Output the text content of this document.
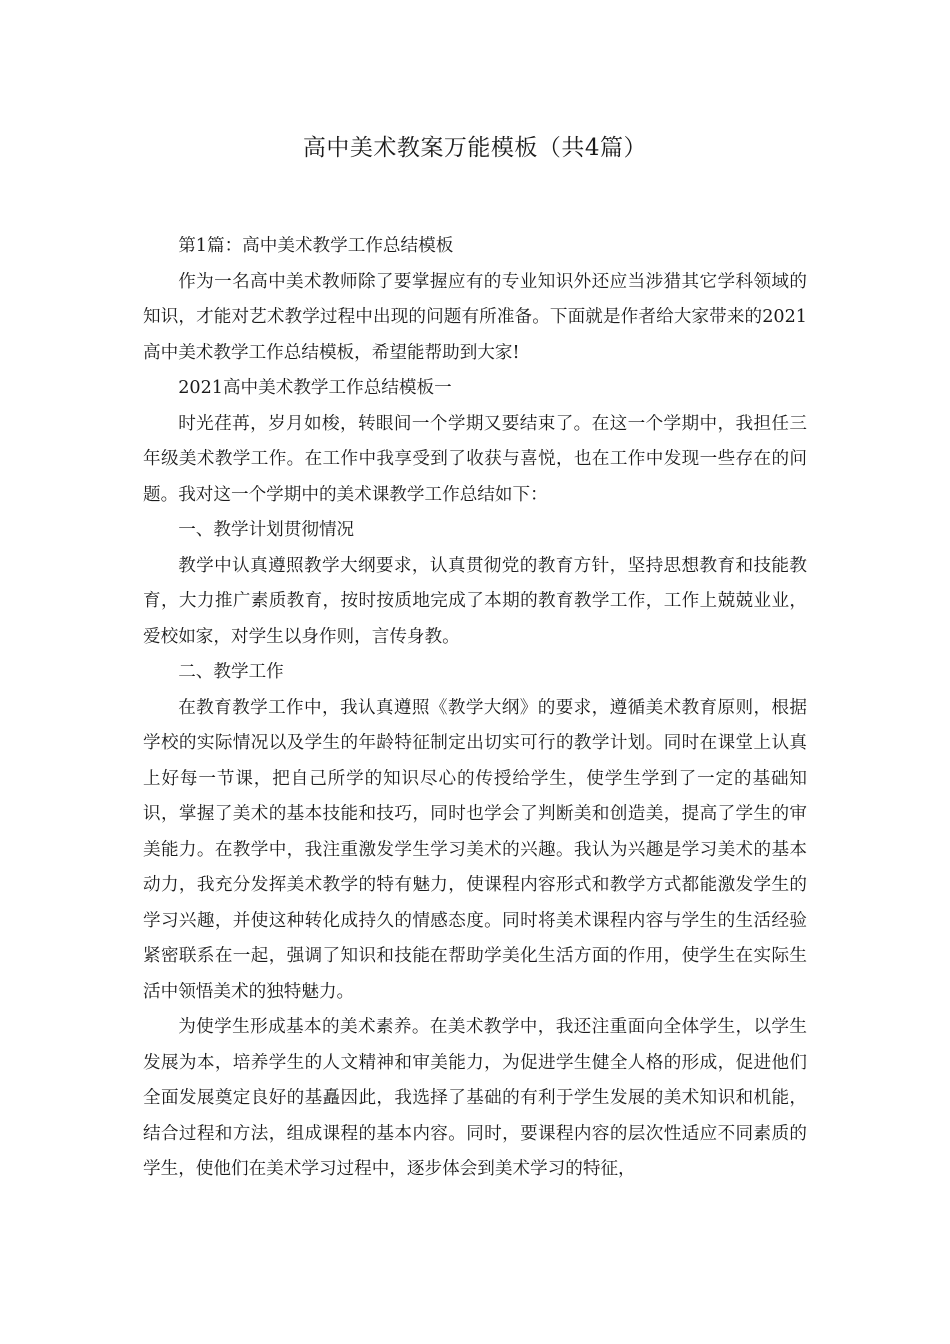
高中美术教案万能模板（共4篇）

第1篇：高中美术教学工作总结模板

作为一名高中美术教师除了要掌握应有的专业知识外还应当涉猎其它学科领域的知识，才能对艺术教学过程中出现的问题有所准备。下面就是作者给大家带来的2021高中美术教学工作总结模板，希望能帮助到大家!

2021高中美术教学工作总结模板一

时光荏苒，岁月如梭，转眼间一个学期又要结束了。在这一个学期中，我担任三年级美术教学工作。在工作中我享受到了收获与喜悦，也在工作中发现一些存在的问题。我对这一个学期中的美术课教学工作总结如下：

一、教学计划贯彻情况

教学中认真遵照教学大纲要求，认真贯彻党的教育方针，坚持思想教育和技能教育，大力推广素质教育，按时按质地完成了本期的教育教学工作，工作上兢兢业业，爱校如家，对学生以身作则，言传身教。

二、教学工作

在教育教学工作中，我认真遵照《教学大纲》的要求，遵循美术教育原则，根据学校的实际情况以及学生的年龄特征制定出切实可行的教学计划。同时在课堂上认真上好每一节课，把自己所学的知识尽心的传授给学生，使学生学到了一定的基础知识，掌握了美术的基本技能和技巧，同时也学会了判断美和创造美，提高了学生的审美能力。在教学中，我注重激发学生学习美术的兴趣。我认为兴趣是学习美术的基本动力，我充分发挥美术教学的特有魅力，使课程内容形式和教学方式都能激发学生的学习兴趣，并使这种转化成持久的情感态度。同时将美术课程内容与学生的生活经验紧密联系在一起，强调了知识和技能在帮助学美化生活方面的作用，使学生在实际生活中领悟美术的独特魅力。

为使学生形成基本的美术素养。在美术教学中，我还注重面向全体学生，以学生发展为本，培养学生的人文精神和审美能力，为促进学生健全人格的形成，促进他们全面发展奠定良好的基矗因此，我选择了基础的有利于学生发展的美术知识和机能，结合过程和方法，组成课程的基本内容。同时，要课程内容的层次性适应不同素质的学生，使他们在美术学习过程中，逐步体会到美术学习的特征，
